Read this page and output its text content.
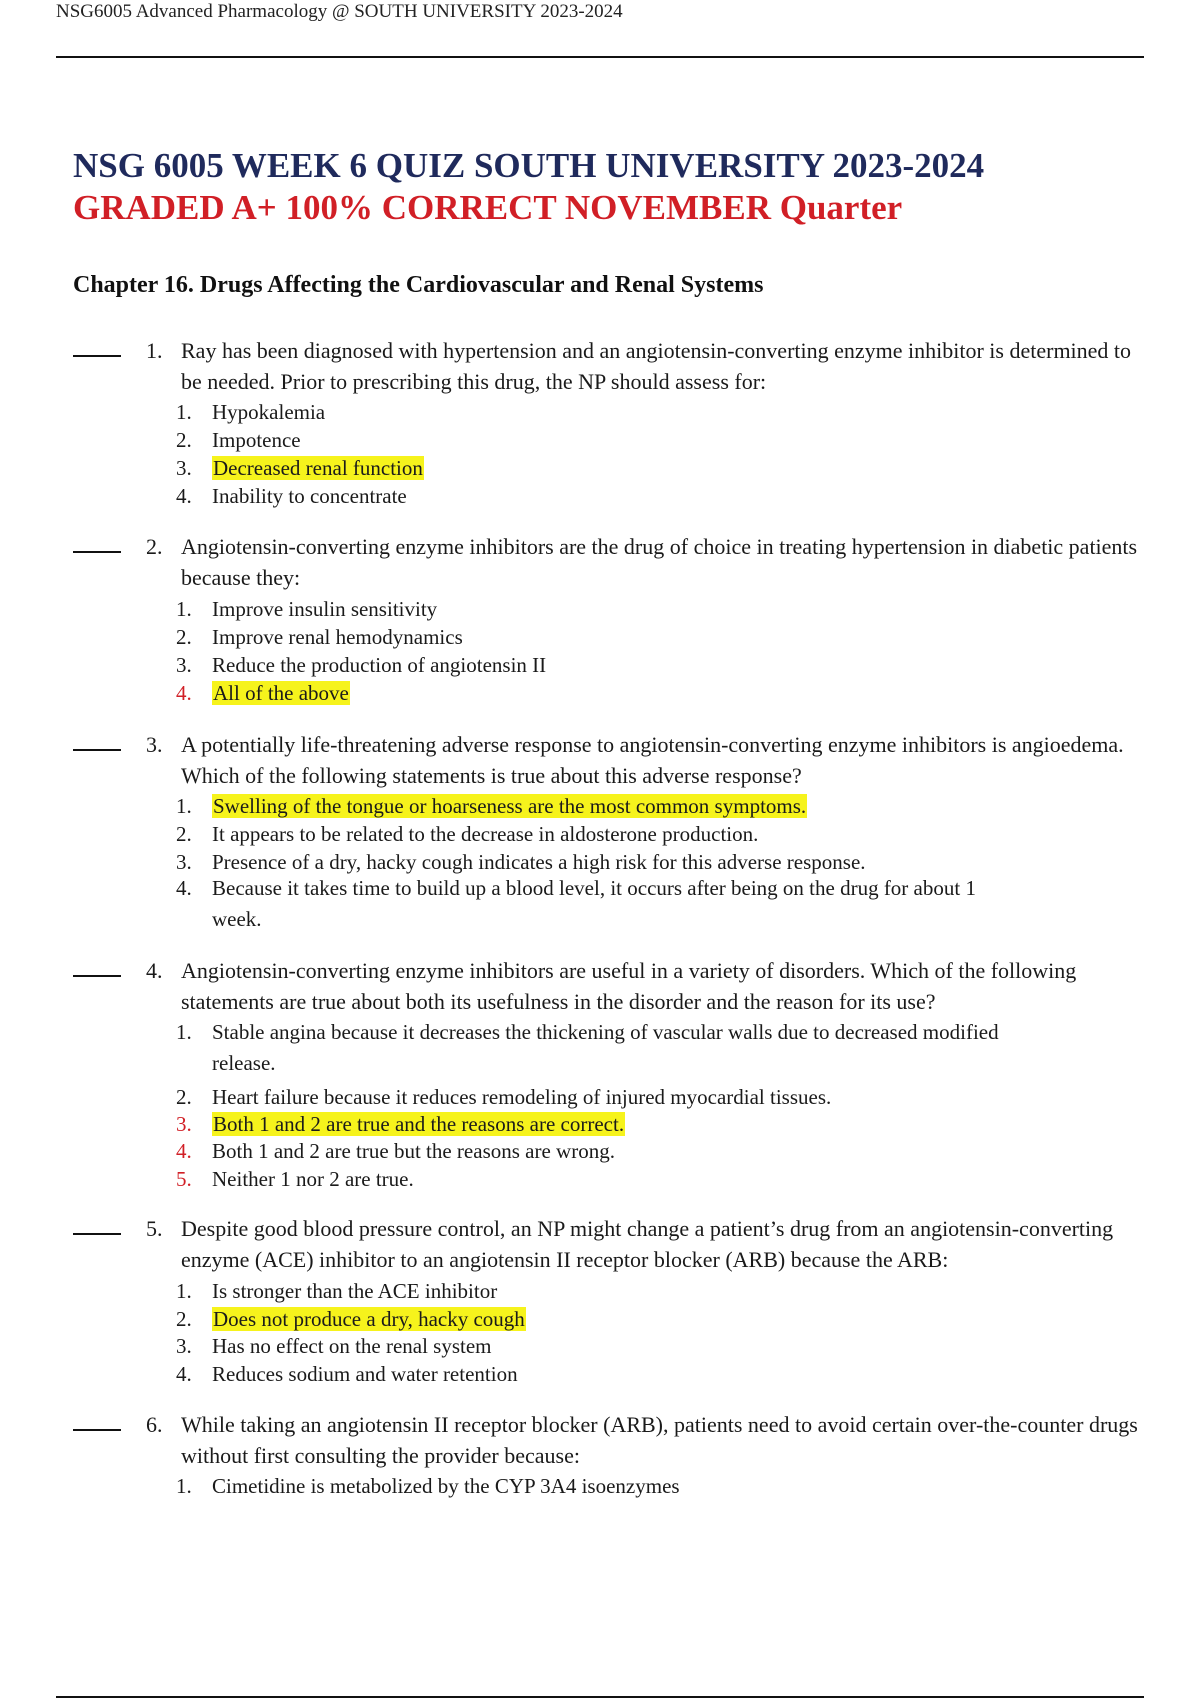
NSG6005 Advanced Pharmacology @ SOUTH UNIVERSITY 2023-2024
NSG 6005 WEEK 6 QUIZ SOUTH UNIVERSITY 2023-2024
GRADED A+ 100% CORRECT NOVEMBER Quarter
Chapter 16. Drugs Affecting the Cardiovascular and Renal Systems
1. Ray has been diagnosed with hypertension and an angiotensin-converting enzyme inhibitor is determined to be needed. Prior to prescribing this drug, the NP should assess for:
1. Hypokalemia
2. Impotence
3. Decreased renal function
4. Inability to concentrate
2. Angiotensin-converting enzyme inhibitors are the drug of choice in treating hypertension in diabetic patients because they:
1. Improve insulin sensitivity
2. Improve renal hemodynamics
3. Reduce the production of angiotensin II
4. All of the above
3. A potentially life-threatening adverse response to angiotensin-converting enzyme inhibitors is angioedema. Which of the following statements is true about this adverse response?
1. Swelling of the tongue or hoarseness are the most common symptoms.
2. It appears to be related to the decrease in aldosterone production.
3. Presence of a dry, hacky cough indicates a high risk for this adverse response.
4. Because it takes time to build up a blood level, it occurs after being on the drug for about 1 week.
4. Angiotensin-converting enzyme inhibitors are useful in a variety of disorders. Which of the following statements are true about both its usefulness in the disorder and the reason for its use?
1. Stable angina because it decreases the thickening of vascular walls due to decreased modified release.
2. Heart failure because it reduces remodeling of injured myocardial tissues.
3. Both 1 and 2 are true and the reasons are correct.
4. Both 1 and 2 are true but the reasons are wrong.
5. Neither 1 nor 2 are true.
5. Despite good blood pressure control, an NP might change a patient’s drug from an angiotensin-converting enzyme (ACE) inhibitor to an angiotensin II receptor blocker (ARB) because the ARB:
1. Is stronger than the ACE inhibitor
2. Does not produce a dry, hacky cough
3. Has no effect on the renal system
4. Reduces sodium and water retention
6. While taking an angiotensin II receptor blocker (ARB), patients need to avoid certain over-the-counter drugs without first consulting the provider because:
1. Cimetidine is metabolized by the CYP 3A4 isoenzymes
